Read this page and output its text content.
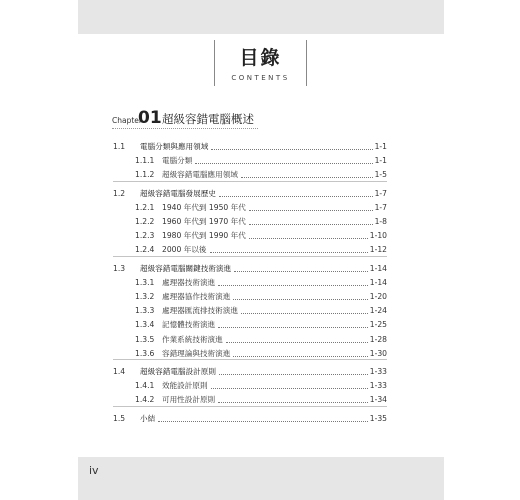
目錄
CONTENTS
Chapter
01 超級容錯電腦概述
1.1	電腦分類與應用領域	1-1
1.1.1	電腦分類	1-1
1.1.2	超級容錯電腦應用領域	1-5
1.2	超級容錯電腦發展歷史	1-7
1.2.1	1940 年代到 1950 年代	1-7
1.2.2	1960 年代到 1970 年代	1-8
1.2.3	1980 年代到 1990 年代	1-10
1.2.4	2000 年以後	1-12
1.3	超級容錯電腦關鍵技術演進	1-14
1.3.1	處理器技術演進	1-14
1.3.2	處理器協作技術演進	1-20
1.3.3	處理器匯流排技術演進	1-24
1.3.4	記憶體技術演進	1-25
1.3.5	作業系統技術演進	1-28
1.3.6	容錯理論與技術演進	1-30
1.4	超級容錯電腦設計原則	1-33
1.4.1	效能設計原則	1-33
1.4.2	可用性設計原則	1-34
1.5	小結	1-35
iv
